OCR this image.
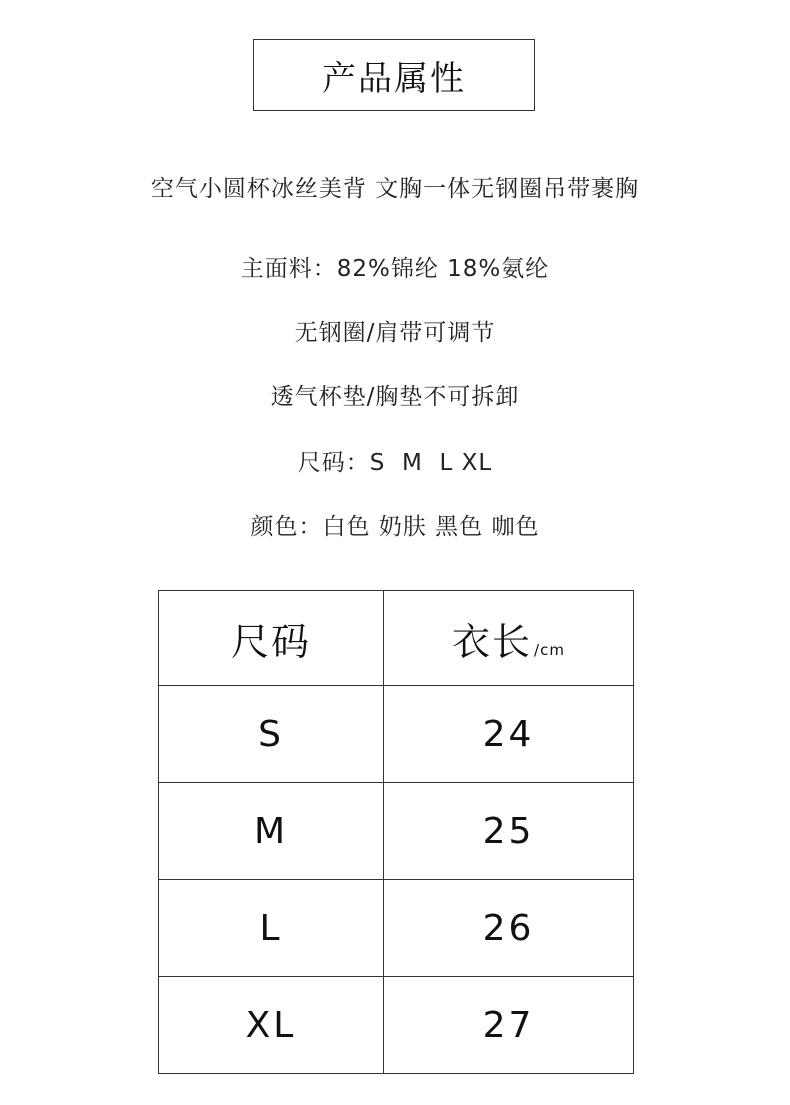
产品属性
空气小圆杯冰丝美背 文胸一体无钢圈吊带裹胸
主面料：82%锦纶 18%氨纶
无钢圈/肩带可调节
透气杯垫/胸垫不可拆卸
尺码：S  M  L XL
颜色：白色 奶肤 黑色 咖色
尺码	衣长 /cm
S	24
M	25
L	26
XL	27
